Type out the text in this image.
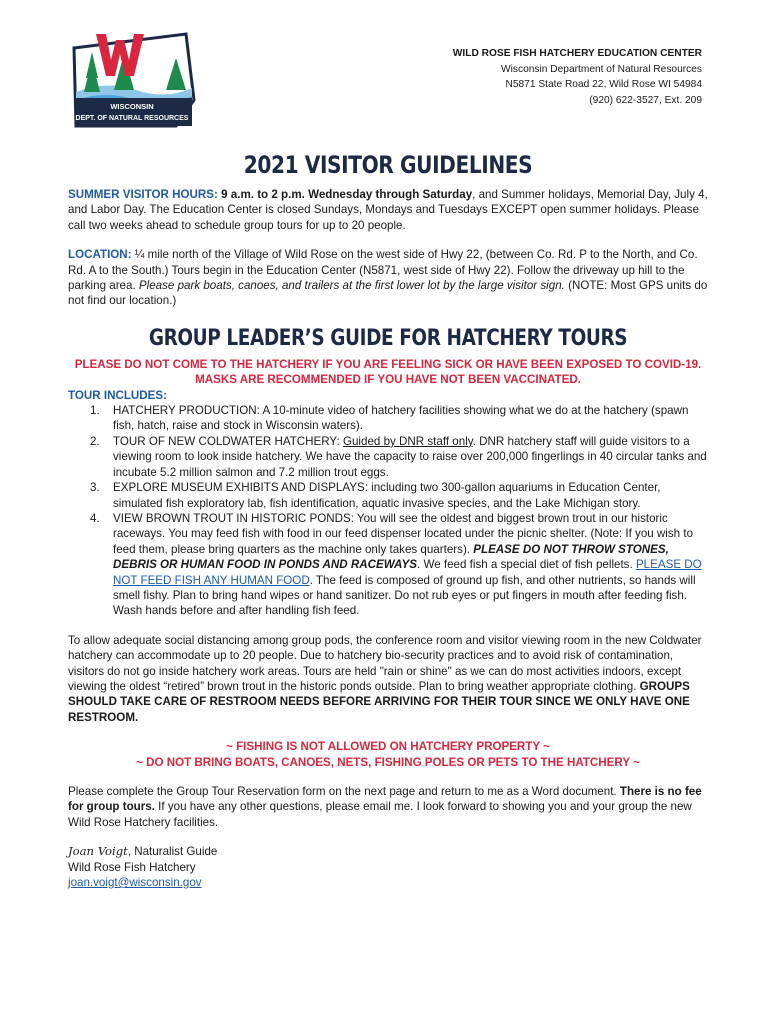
WISCONSIN
DEPT. OF NATURAL RESOURCES
WILD ROSE FISH HATCHERY EDUCATION CENTER
Wisconsin Department of Natural Resources
N5871 State Road 22, Wild Rose WI 54984
(920) 622-3527, Ext. 209
2021 VISITOR GUIDELINES

SUMMER VISITOR HOURS: 9 a.m. to 2 p.m. Wednesday through Saturday, and Summer holidays, Memorial Day, July 4, and Labor Day. The Education Center is closed Sundays, Mondays and Tuesdays EXCEPT open summer holidays. Please call two weeks ahead to schedule group tours for up to 20 people.

LOCATION: ¼ mile north of the Village of Wild Rose on the west side of Hwy 22, (between Co. Rd. P to the North, and Co. Rd. A to the South.) Tours begin in the Education Center (N5871, west side of Hwy 22). Follow the driveway up hill to the parking area. Please park boats, canoes, and trailers at the first lower lot by the large visitor sign. (NOTE: Most GPS units do not find our location.)

GROUP LEADER’S GUIDE FOR HATCHERY TOURS

PLEASE DO NOT COME TO THE HATCHERY IF YOU ARE FEELING SICK OR HAVE BEEN EXPOSED TO COVID-19.

MASKS ARE RECOMMENDED IF YOU HAVE NOT BEEN VACCINATED.

TOUR INCLUDES:

1. HATCHERY PRODUCTION: A 10-minute video of hatchery facilities showing what we do at the hatchery (spawn fish, hatch, raise and stock in Wisconsin waters).
2. TOUR OF NEW COLDWATER HATCHERY: Guided by DNR staff only. DNR hatchery staff will guide visitors to a viewing room to look inside hatchery. We have the capacity to raise over 200,000 fingerlings in 40 circular tanks and incubate 5.2 million salmon and 7.2 million trout eggs.
3. EXPLORE MUSEUM EXHIBITS AND DISPLAYS: including two 300-gallon aquariums in Education Center, simulated fish exploratory lab, fish identification, aquatic invasive species, and the Lake Michigan story.
4. VIEW BROWN TROUT IN HISTORIC PONDS: You will see the oldest and biggest brown trout in our historic raceways. You may feed fish with food in our feed dispenser located under the picnic shelter. (Note: If you wish to feed them, please bring quarters as the machine only takes quarters). PLEASE DO NOT THROW STONES, DEBRIS OR HUMAN FOOD IN PONDS AND RACEWAYS. We feed fish a special diet of fish pellets. PLEASE DO NOT FEED FISH ANY HUMAN FOOD. The feed is composed of ground up fish, and other nutrients, so hands will smell fishy. Plan to bring hand wipes or hand sanitizer. Do not rub eyes or put fingers in mouth after feeding fish. Wash hands before and after handling fish feed.

To allow adequate social distancing among group pods, the conference room and visitor viewing room in the new Coldwater hatchery can accommodate up to 20 people. Due to hatchery bio-security practices and to avoid risk of contamination, visitors do not go inside hatchery work areas. Tours are held "rain or shine" as we can do most activities indoors, except viewing the oldest “retired” brown trout in the historic ponds outside. Plan to bring weather appropriate clothing. GROUPS SHOULD TAKE CARE OF RESTROOM NEEDS BEFORE ARRIVING FOR THEIR TOUR SINCE WE ONLY HAVE ONE RESTROOM.

~ FISHING IS NOT ALLOWED ON HATCHERY PROPERTY ~

~ DO NOT BRING BOATS, CANOES, NETS, FISHING POLES OR PETS TO THE HATCHERY ~

Please complete the Group Tour Reservation form on the next page and return to me as a Word document. There is no fee for group tours. If you have any other questions, please email me. I look forward to showing you and your group the new Wild Rose Hatchery facilities.

Joan Voigt, Naturalist Guide

Wild Rose Fish Hatchery

joan.voigt@wisconsin.gov
